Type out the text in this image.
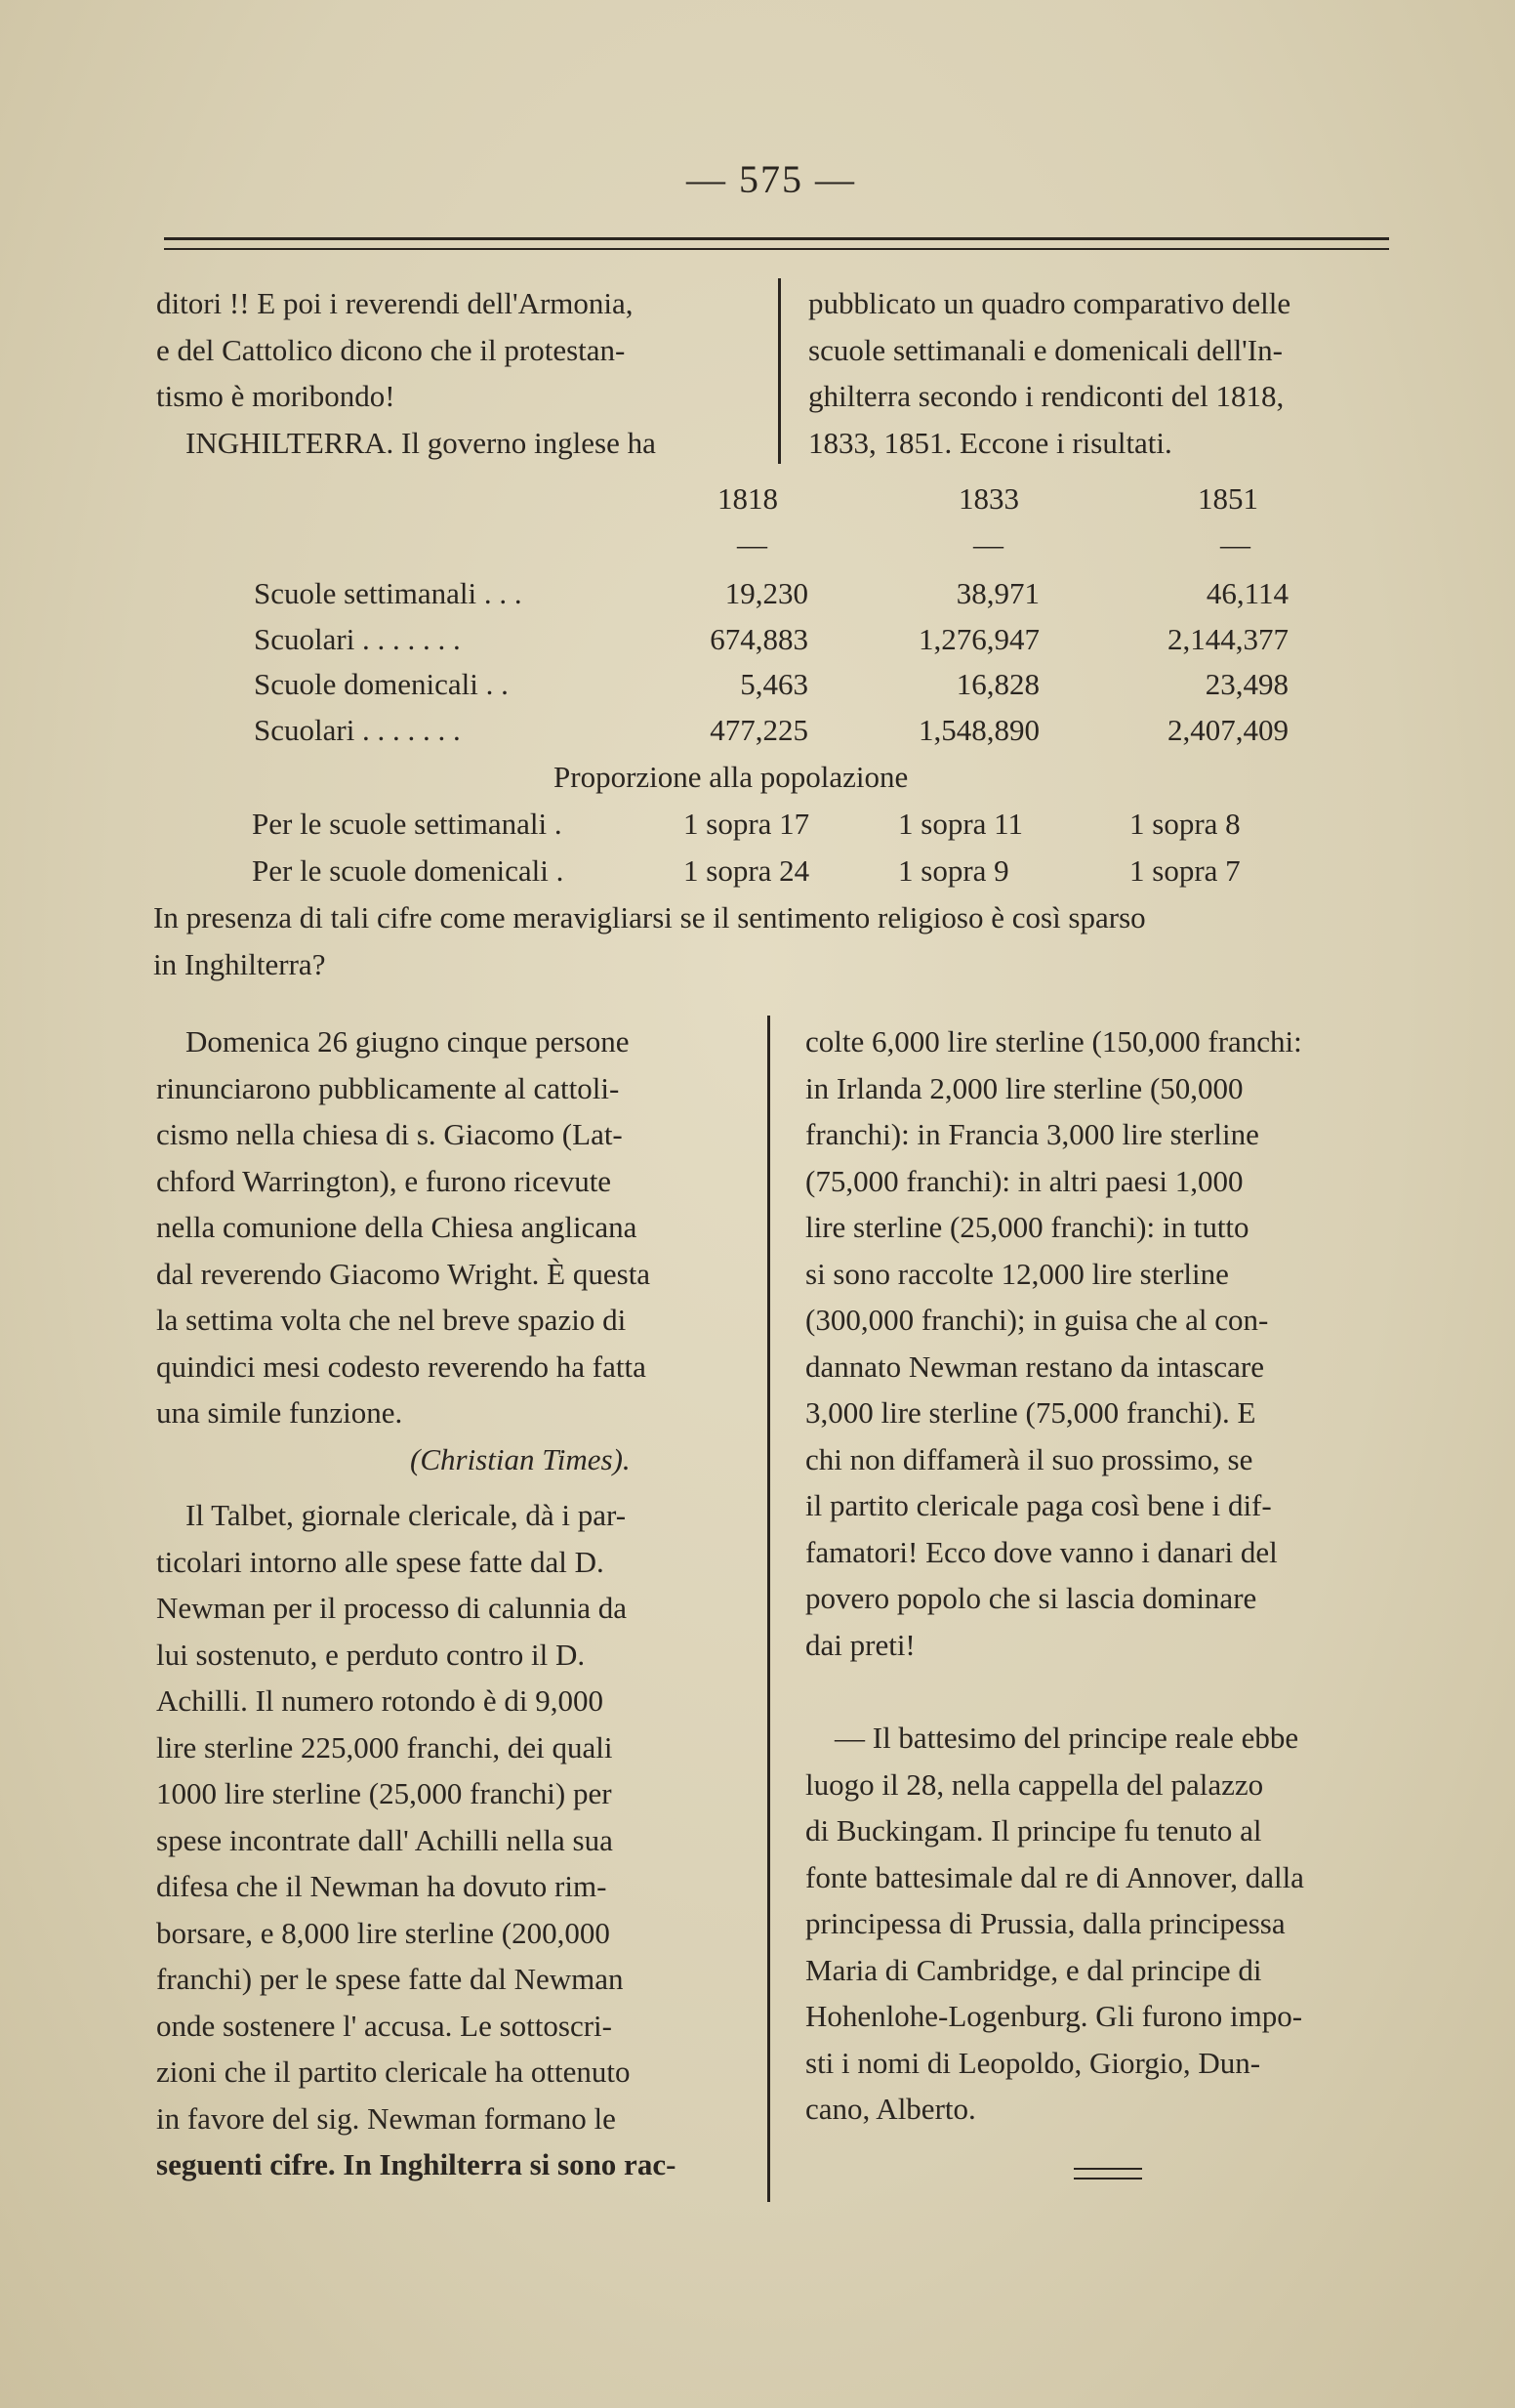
— 575 —
ditori !! E poi i reverendi dell'Armonia,
e del Cattolico dicono che il protestan-
tismo è moribondo!
INGHILTERRA. Il governo inglese ha
pubblicato un quadro comparativo delle
scuole settimanali e domenicali dell'In-
ghilterra secondo i rendiconti del 1818,
1833, 1851. Eccone i risultati.
1818	1833	1851
—	—	—
Scuole settimanali . . .	19,230	38,971	46,114
Scuolari . . . . . . .	674,883	1,276,947	2,144,377
Scuole domenicali . .	5,463	16,828	23,498
Scuolari . . . . . . .	477,225	1,548,890	2,407,409
Proporzione alla popolazione
Per le scuole settimanali .	1 sopra 17	1 sopra 11	1 sopra 8
Per le scuole domenicali .	1 sopra 24	1 sopra 9	1 sopra 7
In presenza di tali cifre come meravigliarsi se il sentimento religioso è così sparso
in Inghilterra?
Domenica 26 giugno cinque persone
rinunciarono pubblicamente al cattoli-
cismo nella chiesa di s. Giacomo (Lat-
chford Warrington), e furono ricevute
nella comunione della Chiesa anglicana
dal reverendo Giacomo Wright. È questa
la settima volta che nel breve spazio di
quindici mesi codesto reverendo ha fatta
una simile funzione.
(Christian Times).
Il Talbet, giornale clericale, dà i par-
ticolari intorno alle spese fatte dal D.
Newman per il processo di calunnia da
lui sostenuto, e perduto contro il D.
Achilli. Il numero rotondo è di 9,000
lire sterline 225,000 franchi, dei quali
1000 lire sterline (25,000 franchi) per
spese incontrate dall' Achilli nella sua
difesa che il Newman ha dovuto rim-
borsare, e 8,000 lire sterline (200,000
franchi) per le spese fatte dal Newman
onde sostenere l' accusa. Le sottoscri-
zioni che il partito clericale ha ottenuto
in favore del sig. Newman formano le
seguenti cifre. In Inghilterra si sono rac-
colte 6,000 lire sterline (150,000 franchi:
in Irlanda 2,000 lire sterline (50,000
franchi): in Francia 3,000 lire sterline
(75,000 franchi): in altri paesi 1,000
lire sterline (25,000 franchi): in tutto
si sono raccolte 12,000 lire sterline
(300,000 franchi); in guisa che al con-
dannato Newman restano da intascare
3,000 lire sterline (75,000 franchi). E
chi non diffamerà il suo prossimo, se
il partito clericale paga così bene i dif-
famatori! Ecco dove vanno i danari del
povero popolo che si lascia dominare
dai preti!
— Il battesimo del principe reale ebbe
luogo il 28, nella cappella del palazzo
di Buckingam. Il principe fu tenuto al
fonte battesimale dal re di Annover, dalla
principessa di Prussia, dalla principessa
Maria di Cambridge, e dal principe di
Hohenlohe-Logenburg. Gli furono impo-
sti i nomi di Leopoldo, Giorgio, Dun-
cano, Alberto.
